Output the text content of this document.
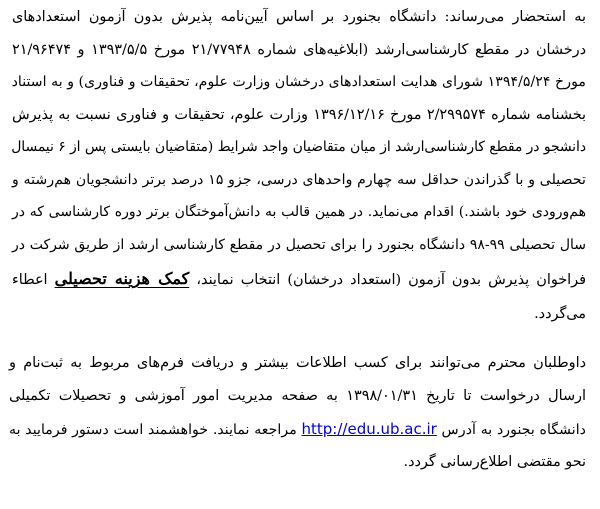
به استحضار می‌رساند: دانشگاه بجنورد بر اساس آیین‌نامه پذیرش بدون آزمون استعدادهای
درخشان در مقطع کارشناسی‌ارشد (ابلاغیه‌های شماره ۲۱/۷۷۹۴۸ مورخ ۱۳۹۳/۵/۵ و ۲۱/۹۶۴۷۴
مورخ ۱۳۹۴/۵/۲۴ شورای هدایت استعدادهای درخشان وزارت علوم، تحقیقات و فناوری) و به استناد
بخشنامه شماره ۲/۲۹۹۵۷۴ مورخ ۱۳۹۶/۱۲/۱۶ وزارت علوم، تحقیقات و فناوری نسبت به پذیرش
دانشجو در مقطع کارشناسی‌ارشد از میان متقاضیان واجد شرایط (متقاضیان بایستی پس از ۶ نیمسال
تحصیلی و با گذراندن حداقل سه چهارم واحدهای درسی، جزو ۱۵ درصد برتر دانشجویان هم‌رشته و
هم‌ورودی خود باشند.) اقدام می‌نماید. در همین قالب به دانش‌آموختگان برتر دوره کارشناسی که در
سال تحصیلی ۹۹-۹۸ دانشگاه بجنورد را برای تحصیل در مقطع کارشناسی ارشد از طریق شرکت در
فراخوان پذیرش بدون آزمون (استعداد درخشان) انتخاب نمایند، کمک هزینه تحصیلی اعطاء
می‌گردد.
داوطلبان محترم می‌توانند برای کسب اطلاعات بیشتر و دریافت فرم‌های مربوط به ثبت‌نام و
ارسال درخواست تا تاریخ ۱۳۹۸/۰۱/۳۱ به صفحه مدیریت امور آموزشی و تحصیلات تکمیلی
دانشگاه بجنورد به آدرس http://edu.ub.ac.ir مراجعه نمایند. خواهشمند است دستور فرمایید به
نحو مقتضی اطلاع‌رسانی گردد.
